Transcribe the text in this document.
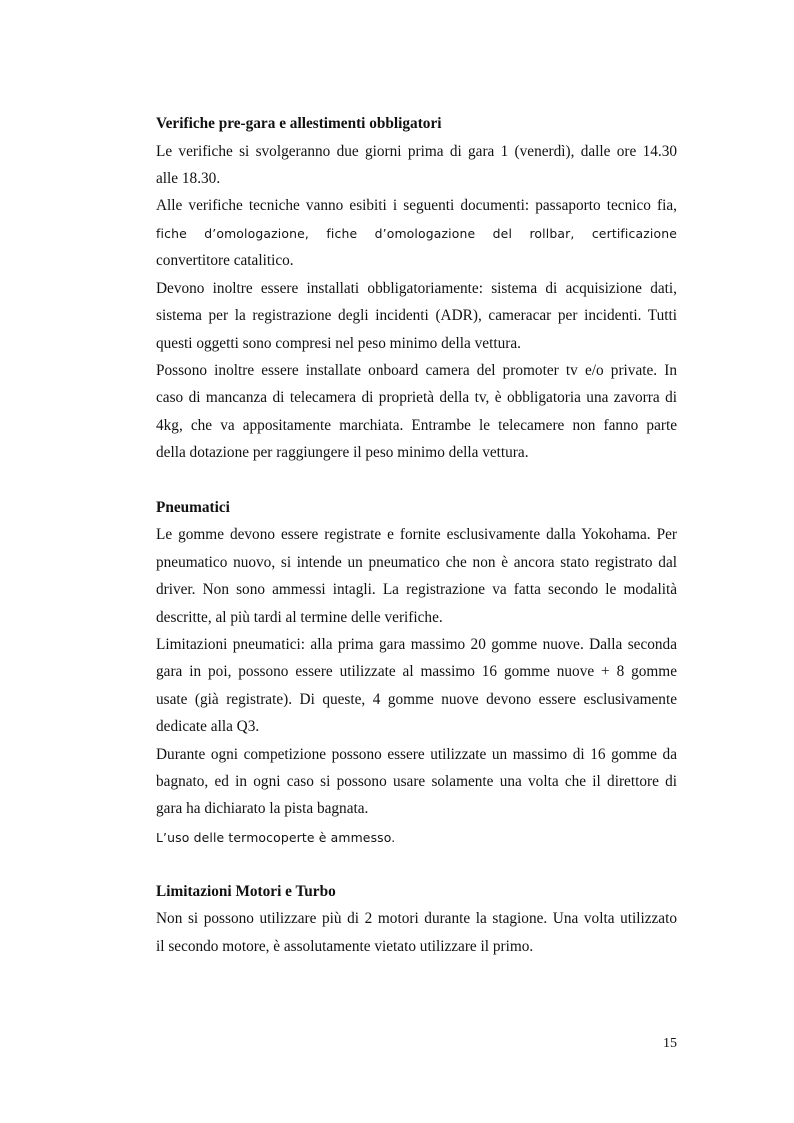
Verifiche pre-gara e allestimenti obbligatori

Le verifiche si svolgeranno due giorni prima di gara 1 (venerdì), dalle ore 14.30

alle 18.30.

Alle verifiche tecniche vanno esibiti i seguenti documenti: passaporto tecnico fia,

fiche d’omologazione, fiche d’omologazione del rollbar, certificazione

convertitore catalitico.

Devono inoltre essere installati obbligatoriamente: sistema di acquisizione dati,

sistema per la registrazione degli incidenti (ADR), cameracar per incidenti. Tutti

questi oggetti sono compresi nel peso minimo della vettura.

Possono inoltre essere installate onboard camera del promoter tv e/o private. In

caso di mancanza di telecamera di proprietà della tv, è obbligatoria una zavorra di

4kg, che va appositamente marchiata. Entrambe le telecamere non fanno parte

della dotazione per raggiungere il peso minimo della vettura.

Pneumatici

Le gomme devono essere registrate e fornite esclusivamente dalla Yokohama. Per

pneumatico nuovo, si intende un pneumatico che non è ancora stato registrato dal

driver. Non sono ammessi intagli. La registrazione va fatta secondo le modalità

descritte, al più tardi al termine delle verifiche.

Limitazioni pneumatici: alla prima gara massimo 20 gomme nuove. Dalla seconda

gara in poi, possono essere utilizzate al massimo 16 gomme nuove + 8 gomme

usate (già registrate). Di queste, 4 gomme nuove devono essere esclusivamente

dedicate alla Q3.

Durante ogni competizione possono essere utilizzate un massimo di 16 gomme da

bagnato, ed in ogni caso si possono usare solamente una volta che il direttore di

gara ha dichiarato la pista bagnata.

L’uso delle termocoperte è ammesso.

Limitazioni Motori e Turbo

Non si possono utilizzare più di 2 motori durante la stagione. Una volta utilizzato

il secondo motore, è assolutamente vietato utilizzare il primo.

15
